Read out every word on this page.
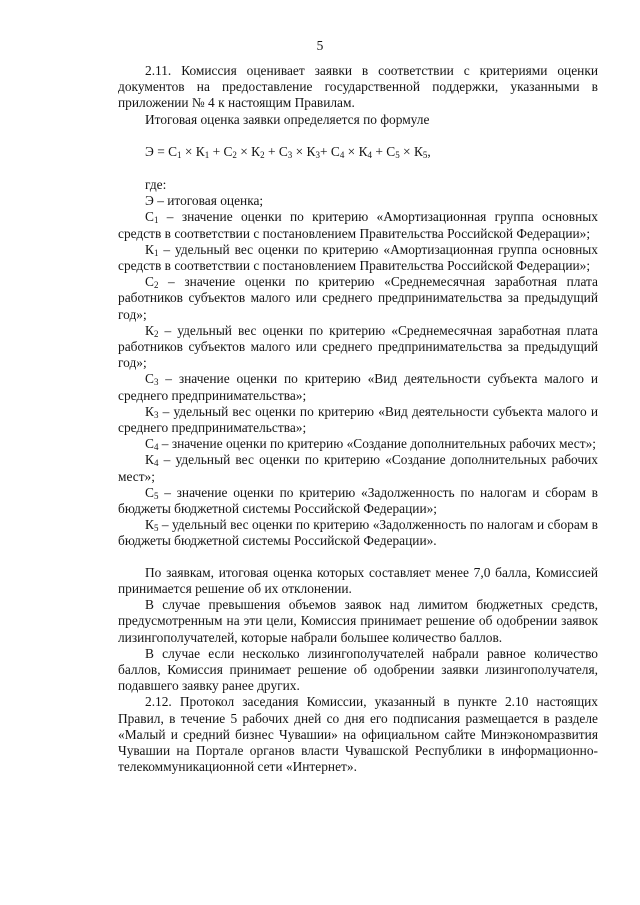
5

2.11. Комиссия оценивает заявки в соответствии с критериями оценки документов на предоставление государственной поддержки, указанными в приложении № 4 к настоящим Правилам.

Итоговая оценка заявки определяется по формуле

$Э = С_1 \times К_1 + С_2 \times К_2 + С_3 \times К_3+ С_4 \times К_4 + С_5 \times К_5$,

где:

Э – итоговая оценка;

$С_1$ – значение оценки по критерию «Амортизационная группа основных средств в соответствии с постановлением Правительства Российской Федерации»;

$К_1$ – удельный вес оценки по критерию «Амортизационная группа основных средств в соответствии с постановлением Правительства Российской Федерации»;

$С_2$ – значение оценки по критерию «Среднемесячная заработная плата работников субъектов малого или среднего предпринимательства за предыдущий год»;

$К_2$ – удельный вес оценки по критерию «Среднемесячная заработная плата работников субъектов малого или среднего предпринимательства за предыдущий год»;

$С_3$ – значение оценки по критерию «Вид деятельности субъекта малого и среднего предпринимательства»;

$К_3$ – удельный вес оценки по критерию «Вид деятельности субъекта малого и среднего предпринимательства»;

$С_4$ – значение оценки по критерию «Создание дополнительных рабочих мест»;

$К_4$ – удельный вес оценки по критерию «Создание дополнительных рабочих мест»;

$С_5$ – значение оценки по критерию «Задолженность по налогам и сборам в бюджеты бюджетной системы Российской Федерации»;

$К_5$ – удельный вес оценки по критерию «Задолженность по налогам и сборам в бюджеты бюджетной системы Российской Федерации».

По заявкам, итоговая оценка которых составляет менее 7,0 балла, Комиссией принимается решение об их отклонении.

В случае превышения объемов заявок над лимитом бюджетных средств, предусмотренным на эти цели, Комиссия принимает решение об одобрении заявок лизингополучателей, которые набрали большее количество баллов.

В случае если несколько лизингополучателей набрали равное количество баллов, Комиссия принимает решение об одобрении заявки лизингополучателя, подавшего заявку ранее других.

2.12. Протокол заседания Комиссии, указанный в пункте 2.10 настоящих Правил, в течение 5 рабочих дней со дня его подписания размещается в разделе «Малый и средний бизнес Чувашии» на официальном сайте Минэкономразвития Чувашии на Портале органов власти Чувашской Республики в информационно-телекоммуникационной сети «Интернет».
